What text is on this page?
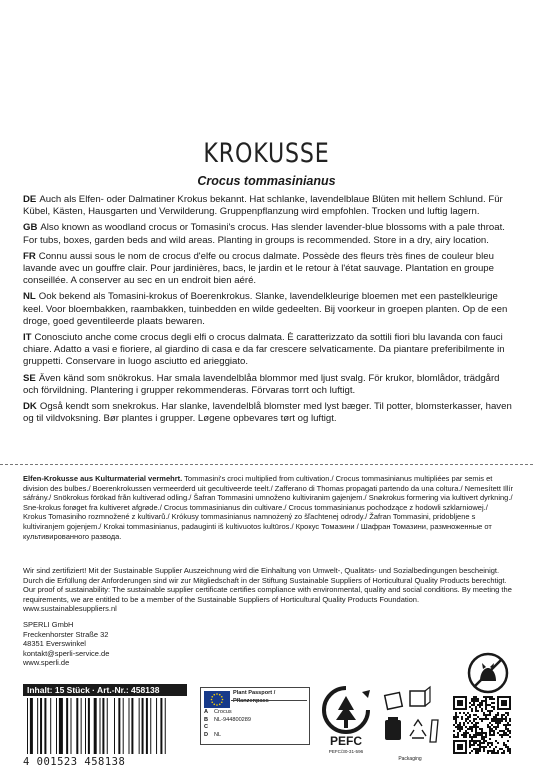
KROKUSSE
Crocus tommasinianus

DE Auch als Elfen- oder Dalmatiner Krokus bekannt. Hat schlanke, lavendelblaue Blüten mit hellem Schlund. Für Kübel, Kästen, Hausgarten und Verwilderung. Gruppenpflanzung wird empfohlen. Trocken und luftig lagern.

GB Also known as woodland crocus or Tomasini's crocus. Has slender lavender-blue blossoms with a pale throat. For tubs, boxes, garden beds and wild areas. Planting in groups is recommended. Store in a dry, airy location.

FR Connu aussi sous le nom de crocus d'elfe ou crocus dalmate. Possède des fleurs très fines de couleur bleu lavande avec un gouffre clair. Pour jardinières, bacs, le jardin et le retour à l'état sauvage. Plantation en groupe conseillée. A conserver au sec en un endroit bien aéré.

NL Ook bekend als Tomasini-krokus of Boerenkrokus. Slanke, lavendelkleurige bloemen met een pastelkleurige keel. Voor bloembakken, raambakken, tuinbedden en wilde gedeelten. Bij voorkeur in groepen planten. Op de een droge, goed geventileerde plaats bewaren.

IT Conosciuto anche come crocus degli elfi o crocus dalmata. È caratterizzato da sottili fiori blu lavanda con fauci chiare. Adatto a vasi e fioriere, al giardino di casa e da far crescere selvaticamente. Da piantare preferibilmente in gruppetti. Conservare in luogo asciutto ed arieggiato.

SE Även känd som snökrokus. Har smala lavendelblåa blommor med ljust svalg. För krukor, blomlådor, trädgård och förvildning. Plantering i grupper rekommenderas. Förvaras torrt och luftigt.

DK Også kendt som snekrokus. Har slanke, lavendelblå blomster med lyst bæger. Til potter, blomsterkasser, haven og til vildvoksning. Bør plantes i grupper. Løgene opbevares tørt og luftigt.

Elfen-Krokusse aus Kulturmaterial vermehrt. Tommasini's croci multiplied from cultivation./ Crocus tommasinianus multipliées par semis et division des bulbes./ Boerenkrokussen vermeerderd uit gecultiveerde teelt./ Zafferano di Thomas propagati partendo da una coltura./ Nemesített Illír sáfrány./ Snökrokus förökad från kultiverad odling./ Šafran Tommasini umnoženo kultiviranim gajenjem./ Snøkrokus formering via kultivert dyrkning./ Sne-krokus forøget fra kultiveret afgrøde./ Crocus tommasinianus din cultivare./ Crocus tommasinianus pochodzące z hodowli szklarniowej./ Krokus Tomasiniho rozmnožené z kultivarů./ Krókusy tommasinianus namnożený zo šľachtenej odrody./ Žafran Tommasini, pridobljene s kultiviranjem gojenjem./ Krokai tommasinianus, padauginti iš kultivuotos kultūros./ Крокус Томазини / Шафран Томазини, размноженные от культивированного развода.
Wir sind zertifiziert! Mit der Sustainable Supplier Auszeichnung wird die Einhaltung von Umwelt-, Qualitäts- und Sozialbedingungen bescheinigt. Durch die Erfüllung der Anforderungen sind wir zur Mitgliedschaft in der Stiftung Sustainable Suppliers of Horticultural Quality Products berechtigt. Our proof of sustainability: The sustainable supplier certificate certifies compliance with environmental, quality and social conditions. By meeting the requirements, we are entitled to be a member of the Sustainable Suppliers of Horticultural Quality Products Foundation.
www.sustainablesuppliers.nl
SPERLI GmbH
Freckenhorster Straße 32
48351 Everswinkel
kontakt@sperli-service.de
www.sperli.de
Inhalt: 15 Stück · Art.-Nr.: 458138
4 001523 458138
Plant Passport / Pflanzenpass
A Crocus
B NL-944800289
C
D NL	PEFC
PEFC/30-31-596
Packaging
